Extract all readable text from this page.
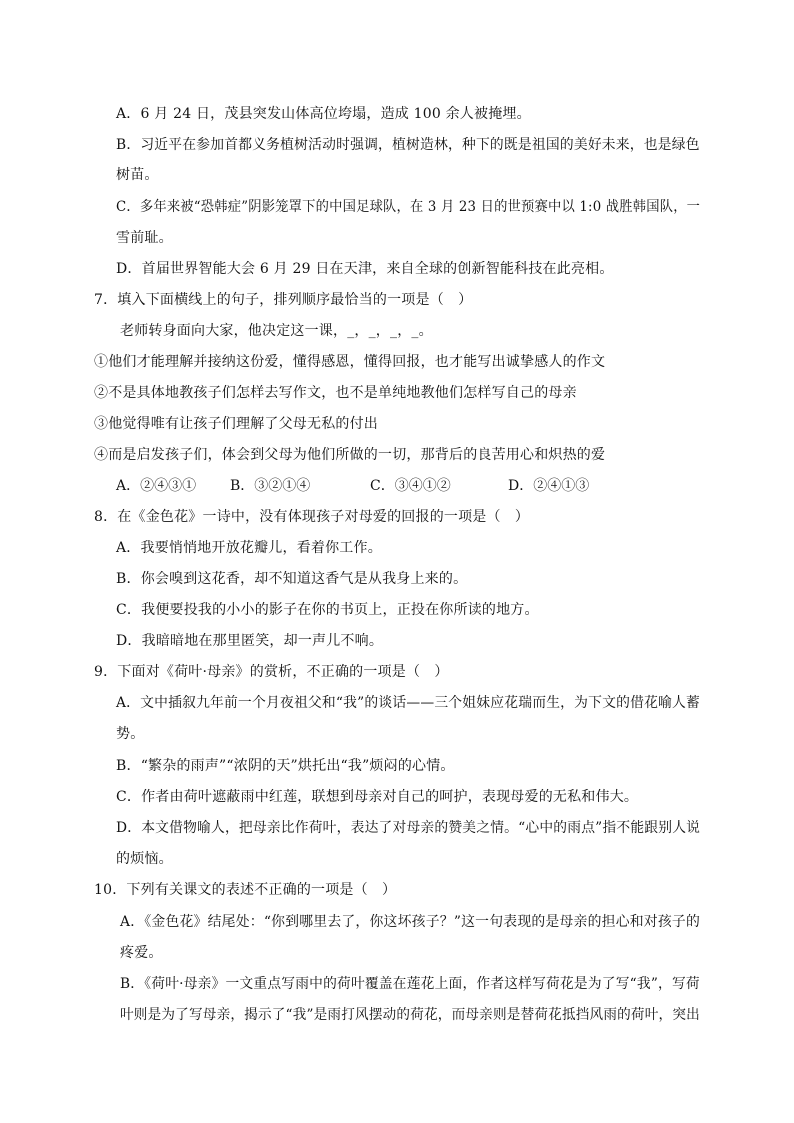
A．6 月 24 日，茂县突发山体高位垮塌，造成 100 余人被掩埋。
B．习近平在参加首都义务植树活动时强调，植树造林，种下的既是祖国的美好未来，也是绿色
树苗。
C．多年来被“恐韩症”阴影笼罩下的中国足球队，在 3 月 23 日的世预赛中以 1:0 战胜韩国队，一
雪前耻。
D．首届世界智能大会 6 月 29 日在天津，来自全球的创新智能科技在此亮相。
7．填入下面横线上的句子，排列顺序最恰当的一项是（　）
老师转身面向大家，他决定这一课，_，_，_，_。
①他们才能理解并接纳这份爱，懂得感恩，懂得回报，也才能写出诚挚感人的作文
②不是具体地教孩子们怎样去写作文，也不是单纯地教他们怎样写自己的母亲
③他觉得唯有让孩子们理解了父母无私的付出
④而是启发孩子们，体会到父母为他们所做的一切，那背后的良苦用心和炽热的爱
A．②④③① B．③②①④	C．③④①②	D．②④①③
8．在《金色花》一诗中，没有体现孩子对母爱的回报的一项是（　）
A．我要悄悄地开放花瓣儿，看着你工作。
B．你会嗅到这花香，却不知道这香气是从我身上来的。
C．我便要投我的小小的影子在你的书页上，正投在你所读的地方。
D．我暗暗地在那里匿笑，却一声儿不响。
9．下面对《荷叶·母亲》的赏析，不正确的一项是（　）
A．文中插叙九年前一个月夜祖父和“我”的谈话——三个姐妹应花瑞而生，为下文的借花喻人蓄
势。
B．“繁杂的雨声”“浓阴的天”烘托出“我”烦闷的心情。
C．作者由荷叶遮蔽雨中红莲，联想到母亲对自己的呵护，表现母爱的无私和伟大。
D．本文借物喻人，把母亲比作荷叶，表达了对母亲的赞美之情。“心中的雨点”指不能跟别人说
的烦恼。
10．下列有关课文的表述不正确的一项是（　）
A．《金色花》结尾处：“你到哪里去了，你这坏孩子？”这一句表现的是母亲的担心和对孩子的
疼爱。
B．《荷叶·母亲》一文重点写雨中的荷叶覆盖在莲花上面，作者这样写荷花是为了写“我”，写荷
叶则是为了写母亲，揭示了“我”是雨打风摆动的荷花，而母亲则是替荷花抵挡风雨的荷叶，突出
